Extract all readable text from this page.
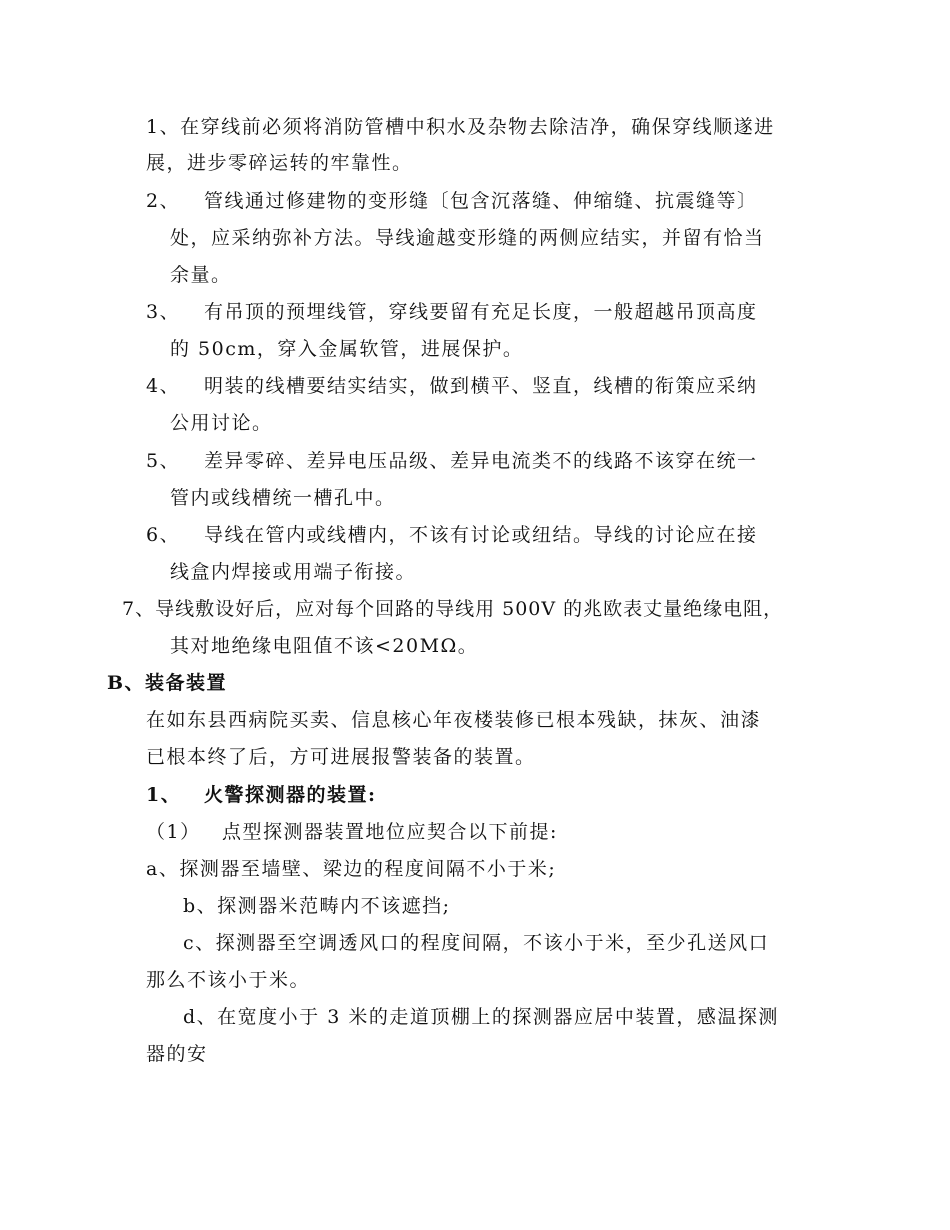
1、在穿线前必须将消防管槽中积水及杂物去除洁净，确保穿线顺遂进
展，进步零碎运转的牢靠性。
2、 管线通过修建物的变形缝〔包含沉落缝、伸缩缝、抗震缝等〕
处，应采纳弥补方法。导线逾越变形缝的两侧应结实，并留有恰当
余量。
3、 有吊顶的预埋线管，穿线要留有充足长度，一般超越吊顶高度
的 50cm，穿入金属软管，进展保护。
4、 明装的线槽要结实结实，做到横平、竖直，线槽的衔策应采纳
公用讨论。
5、 差异零碎、差异电压品级、差异电流类不的线路不该穿在统一
管内或线槽统一槽孔中。
6、 导线在管内或线槽内，不该有讨论或纽结。导线的讨论应在接
线盒内焊接或用端子衔接。
7、导线敷设好后，应对每个回路的导线用 500V 的兆欧表丈量绝缘电阻，
其对地绝缘电阻值不该<20MΩ。
B、装备装置
在如东县西病院买卖、信息核心年夜楼装修已根本残缺，抹灰、油漆
已根本终了后，方可进展报警装备的装置。
1、 火警探测器的装置:
（1） 点型探测器装置地位应契合以下前提:
a、探测器至墙壁、梁边的程度间隔不小于米;
b、探测器米范畴内不该遮挡;
c、探测器至空调透风口的程度间隔，不该小于米，至少孔送风口
那么不该小于米。
d、在宽度小于 3 米的走道顶棚上的探测器应居中装置，感温探测
器的安
